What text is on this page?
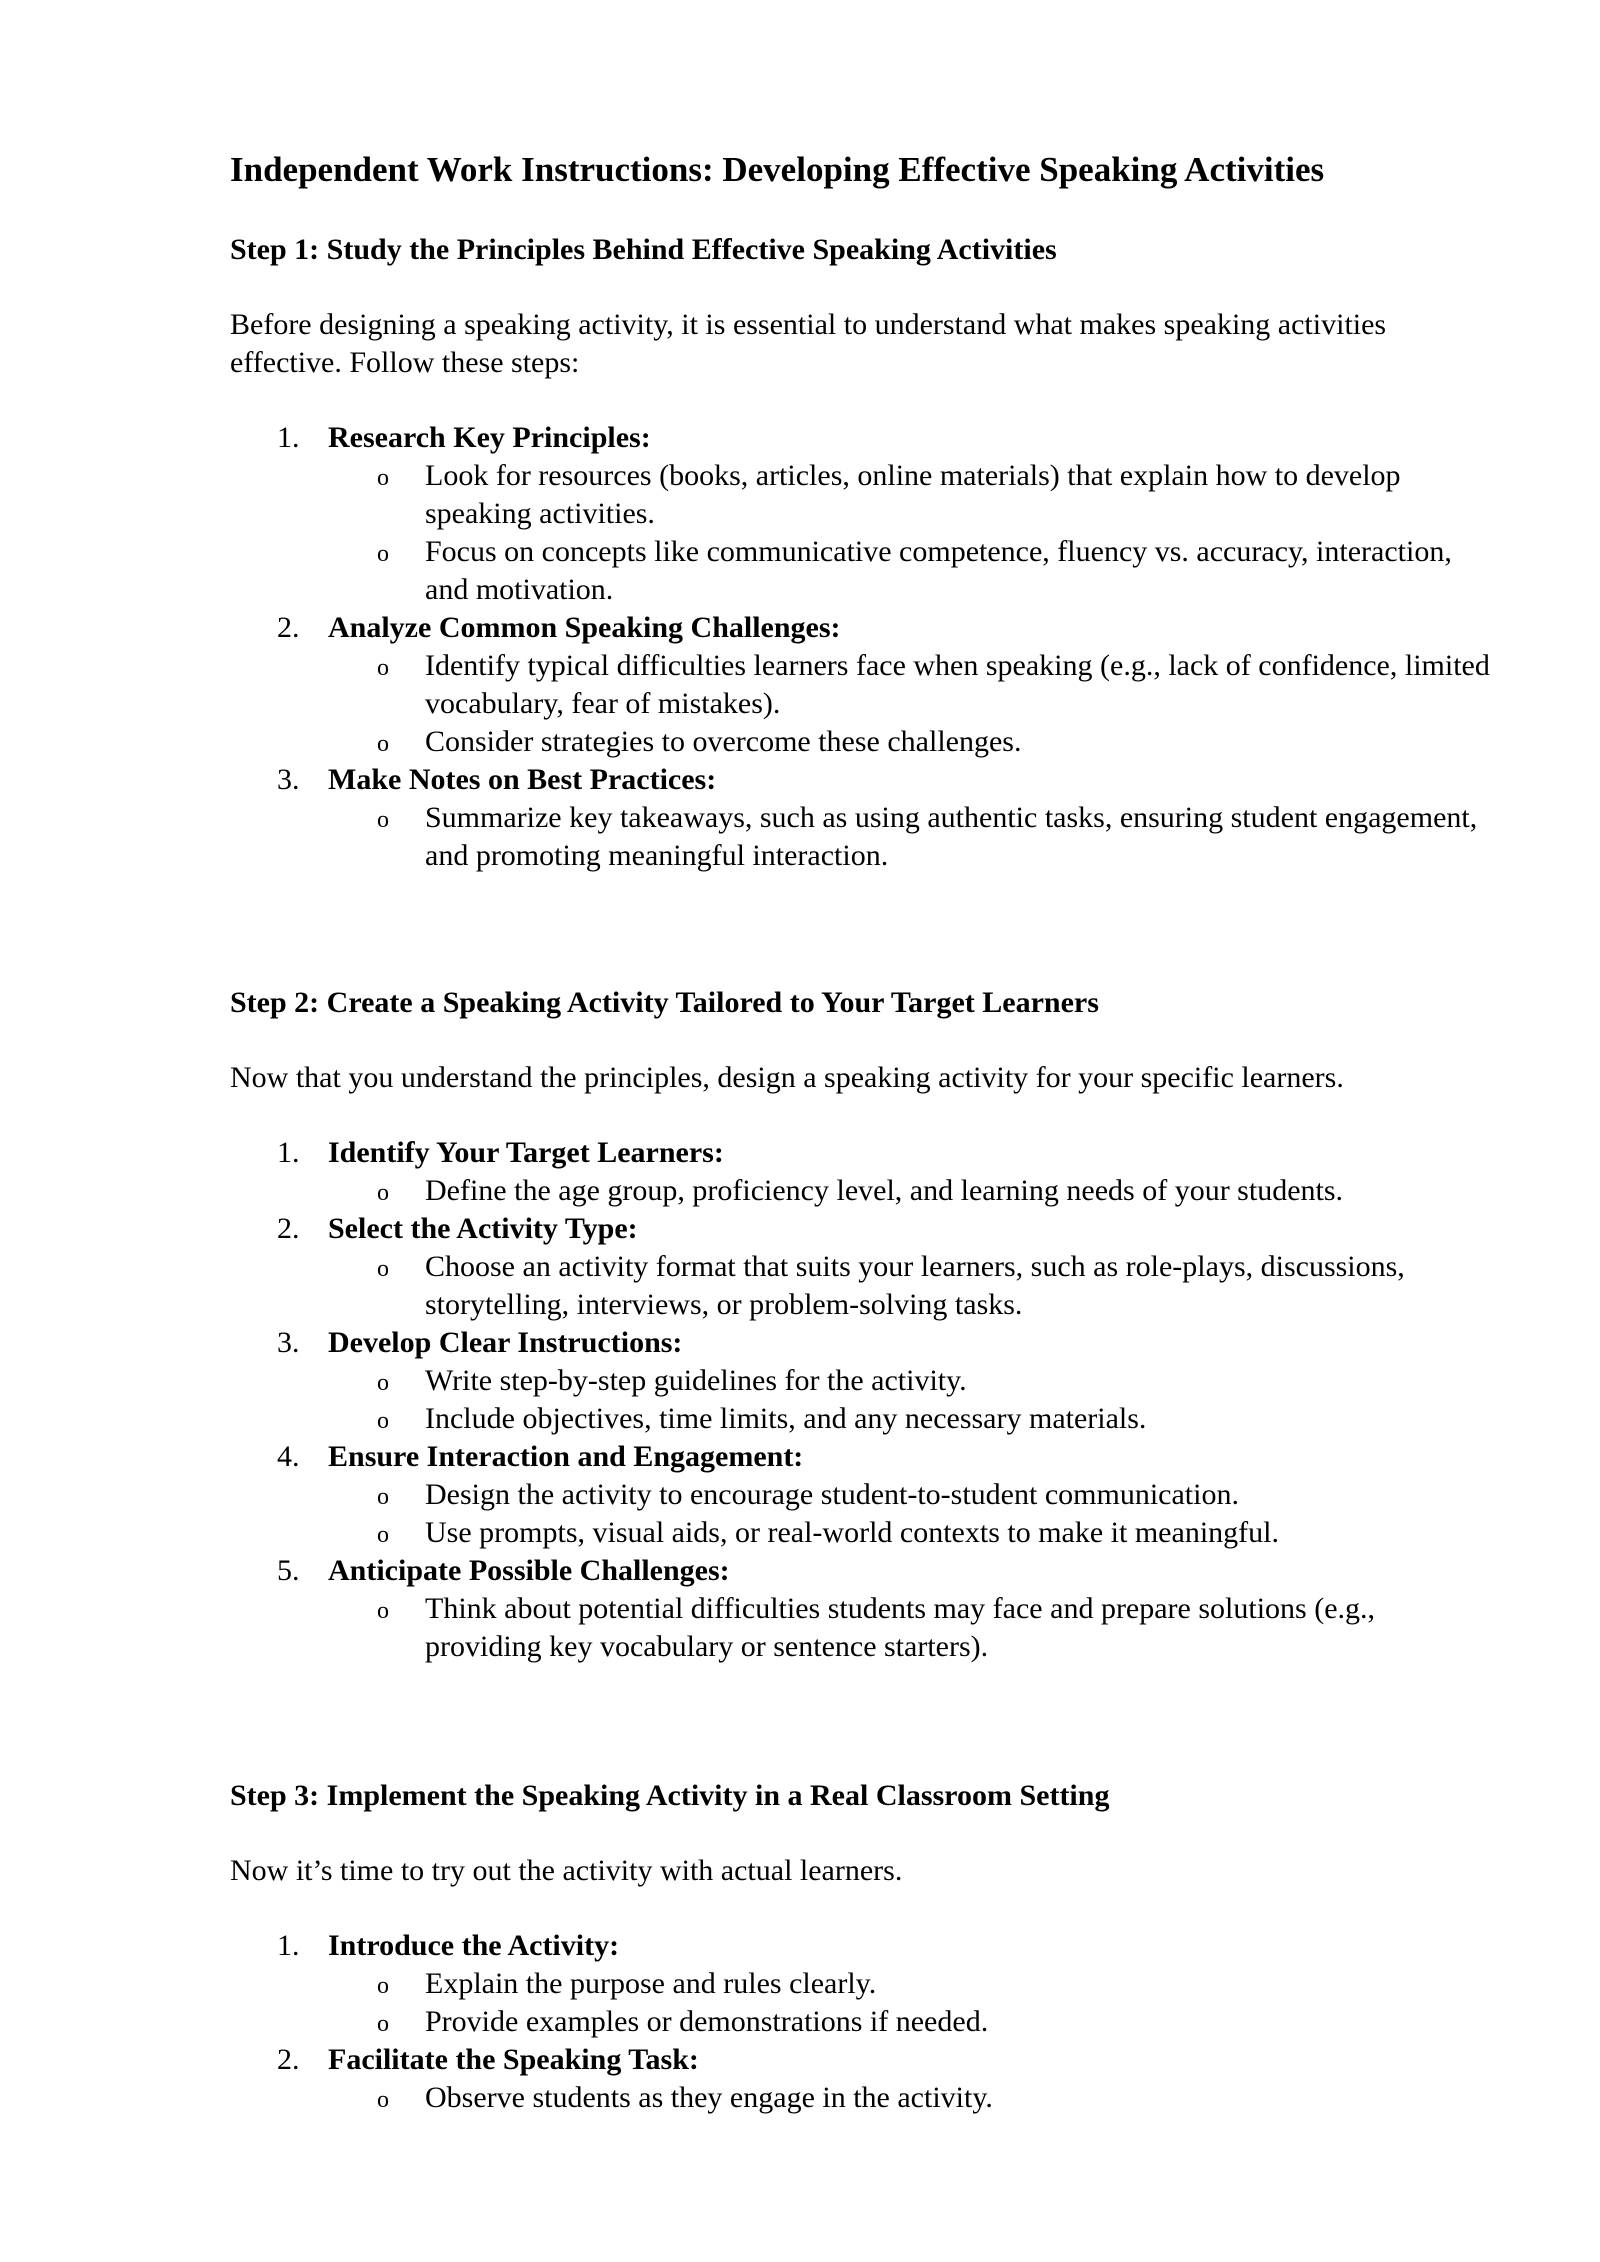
Independent Work Instructions: Developing Effective Speaking Activities
Step 1: Study the Principles Behind Effective Speaking Activities

Before designing a speaking activity, it is essential to understand what makes speaking activities effective. Follow these steps:

1. Research Key Principles:
o Look for resources (books, articles, online materials) that explain how to develop speaking activities.
o Focus on concepts like communicative competence, fluency vs. accuracy, interaction, and motivation.
2. Analyze Common Speaking Challenges:
o Identify typical difficulties learners face when speaking (e.g., lack of confidence, limited vocabulary, fear of mistakes).
o Consider strategies to overcome these challenges.
3. Make Notes on Best Practices:
o Summarize key takeaways, such as using authentic tasks, ensuring student engagement, and promoting meaningful interaction.
Step 2: Create a Speaking Activity Tailored to Your Target Learners

Now that you understand the principles, design a speaking activity for your specific learners.

1. Identify Your Target Learners:
o Define the age group, proficiency level, and learning needs of your students.
2. Select the Activity Type:
o Choose an activity format that suits your learners, such as role-plays, discussions, storytelling, interviews, or problem-solving tasks.
3. Develop Clear Instructions:
o Write step-by-step guidelines for the activity.
o Include objectives, time limits, and any necessary materials.
4. Ensure Interaction and Engagement:
o Design the activity to encourage student-to-student communication.
o Use prompts, visual aids, or real-world contexts to make it meaningful.
5. Anticipate Possible Challenges:
o Think about potential difficulties students may face and prepare solutions (e.g., providing key vocabulary or sentence starters).
Step 3: Implement the Speaking Activity in a Real Classroom Setting

Now it’s time to try out the activity with actual learners.

1. Introduce the Activity:
o Explain the purpose and rules clearly.
o Provide examples or demonstrations if needed.
2. Facilitate the Speaking Task:
o Observe students as they engage in the activity.
